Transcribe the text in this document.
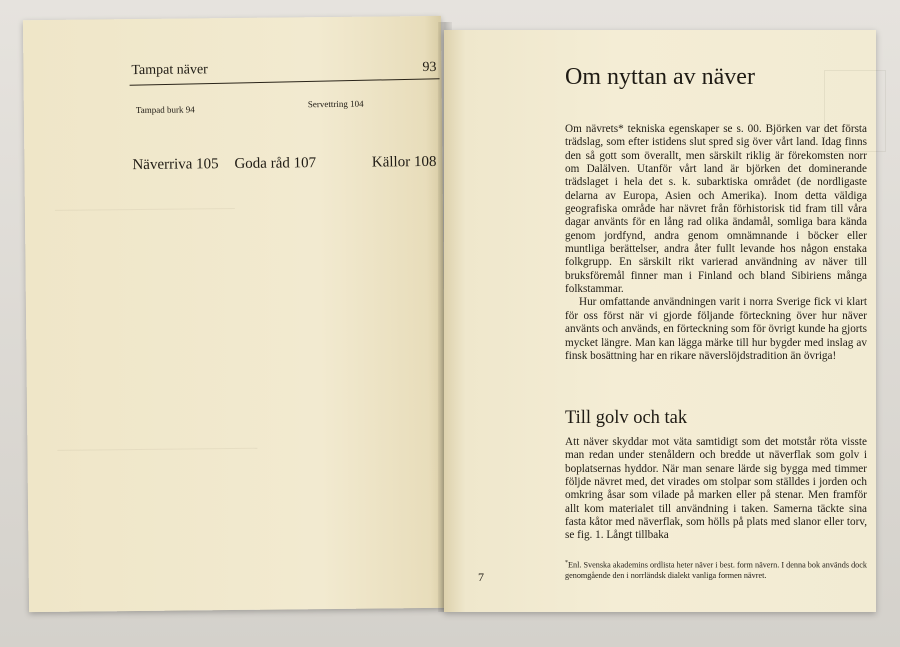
Tampat näver	93
Tampad burk 94
Servettring 104
Näverriva 105 Goda råd 107	Källor 108
Om nyttan av näver

Om nävrets* tekniska egenskaper se s. 00. Björken var det första trädslag, som efter istidens slut spred sig över vårt land. Idag finns den så gott som överallt, men särskilt riklig är förekomsten norr om Dalälven. Utanför vårt land är björken det dominerande trädslaget i hela det s. k. subarktiska området (de nordligaste delarna av Europa, Asien och Amerika). Inom detta väldiga geografiska område har nävret från förhistorisk tid fram till våra dagar använts för en lång rad olika ändamål, somliga bara kända genom jordfynd, andra genom omnämnande i böcker eller muntliga berättelser, andra åter fullt levande hos någon enstaka folkgrupp. En särskilt rikt varierad användning av näver till bruksföremål finner man i Finland och bland Sibiriens många folkstammar.

Hur omfattande användningen varit i norra Sverige fick vi klart för oss först när vi gjorde följande förteckning över hur näver använts och används, en förteckning som för övrigt kunde ha gjorts mycket längre. Man kan lägga märke till hur bygder med inslag av finsk bosättning har en rikare näverslöjdstradition än övriga!

Till golv och tak

Att näver skyddar mot väta samtidigt som det motstår röta visste man redan under stenåldern och bredde ut näverflak som golv i boplatsernas hyddor. När man senare lärde sig bygga med timmer följde nävret med, det virades om stolpar som ställdes i jorden och omkring åsar som vilade på marken eller på stenar. Men framför allt kom materialet till användning i taken. Samerna täckte sina fasta kåtor med näverflak, som hölls på plats med slanor eller torv, se fig. 1. Långt tillbaka

*Enl. Svenska akademins ordlista heter näver i best. form nävern. I denna bok används dock genomgående den i norrländsk dialekt vanliga formen nävret.
7
